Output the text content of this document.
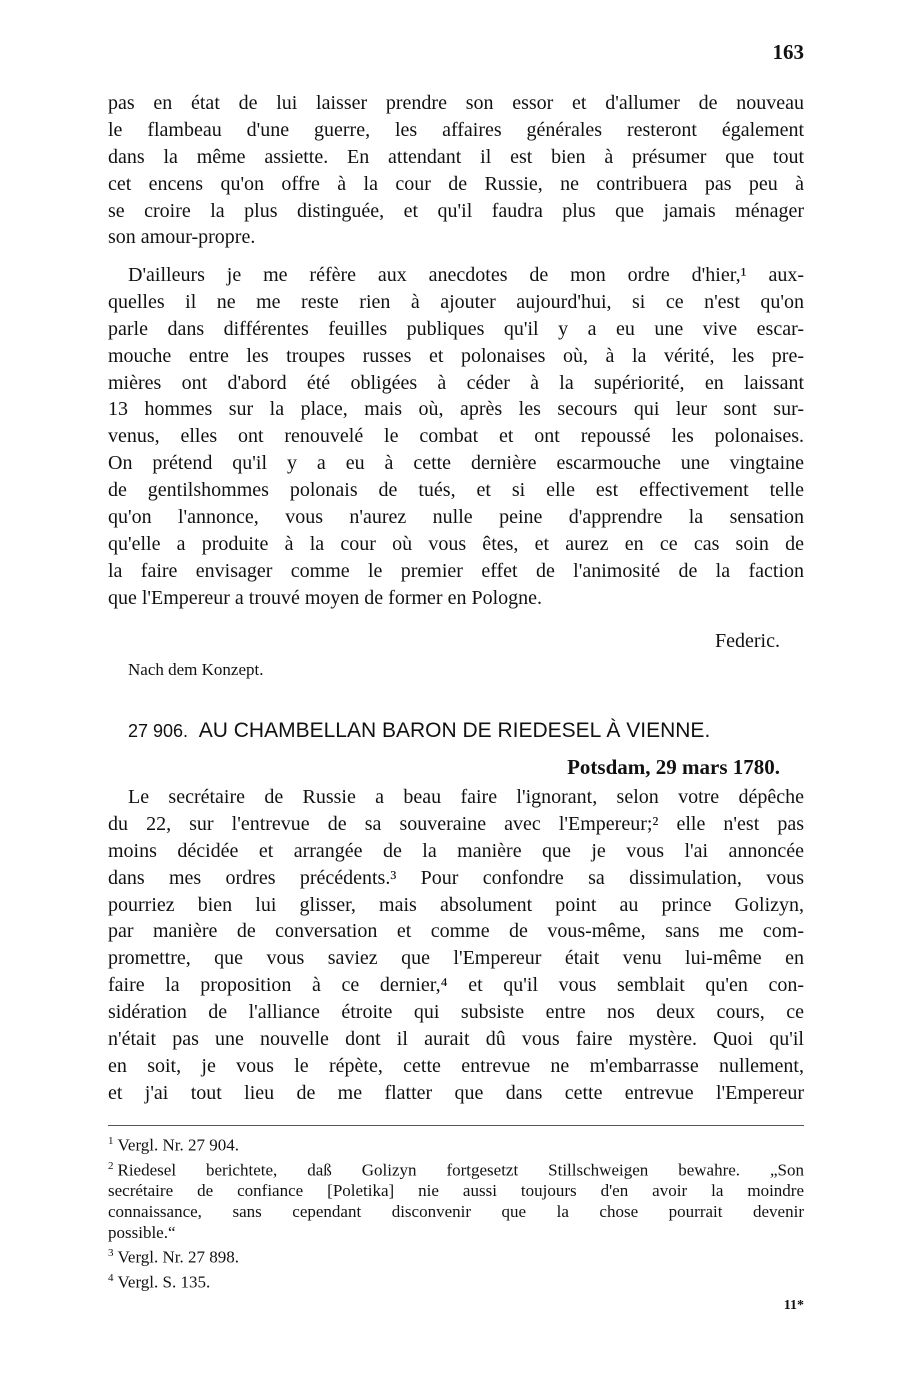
163
pas en état de lui laisser prendre son essor et d'allumer de nouveau
le flambeau d'une guerre, les affaires générales resteront également
dans la même assiette. En attendant il est bien à présumer que tout
cet encens qu'on offre à la cour de Russie, ne contribuera pas peu à
se croire la plus distinguée, et qu'il faudra plus que jamais ménager
son amour-propre.
D'ailleurs je me réfère aux anecdotes de mon ordre d'hier,¹ aux-
quelles il ne me reste rien à ajouter aujourd'hui, si ce n'est qu'on
parle dans différentes feuilles publiques qu'il y a eu une vive escar-
mouche entre les troupes russes et polonaises où, à la vérité, les pre-
mières ont d'abord été obligées à céder à la supériorité, en laissant
13 hommes sur la place, mais où, après les secours qui leur sont sur-
venus, elles ont renouvelé le combat et ont repoussé les polonaises.
On prétend qu'il y a eu à cette dernière escarmouche une vingtaine
de gentilshommes polonais de tués, et si elle est effectivement telle
qu'on l'annonce, vous n'aurez nulle peine d'apprendre la sensation
qu'elle a produite à la cour où vous êtes, et aurez en ce cas soin de
la faire envisager comme le premier effet de l'animosité de la faction
que l'Empereur a trouvé moyen de former en Pologne.
Federic.
Nach dem Konzept.
27 906. AU CHAMBELLAN BARON DE RIEDESEL À VIENNE.
Potsdam, 29 mars 1780.
Le secrétaire de Russie a beau faire l'ignorant, selon votre dépêche
du 22, sur l'entrevue de sa souveraine avec l'Empereur;² elle n'est pas
moins décidée et arrangée de la manière que je vous l'ai annoncée
dans mes ordres précédents.³ Pour confondre sa dissimulation, vous
pourriez bien lui glisser, mais absolument point au prince Golizyn,
par manière de conversation et comme de vous-même, sans me com-
promettre, que vous saviez que l'Empereur était venu lui-même en
faire la proposition à ce dernier,⁴ et qu'il vous semblait qu'en con-
sidération de l'alliance étroite qui subsiste entre nos deux cours, ce
n'était pas une nouvelle dont il aurait dû vous faire mystère. Quoi qu'il
en soit, je vous le répète, cette entrevue ne m'embarrasse nullement,
et j'ai tout lieu de me flatter que dans cette entrevue l'Empereur
$^1$ Vergl. Nr. 27 904.
$^2$ Riedesel berichtete, daß Golizyn fortgesetzt Stillschweigen bewahre. „Son
secrétaire de confiance [Poletika] nie aussi toujours d'en avoir la moindre
connaissance, sans cependant disconvenir que la chose pourrait devenir
possible.“
$^3$ Vergl. Nr. 27 898.
$^4$ Vergl. S. 135.
11*
